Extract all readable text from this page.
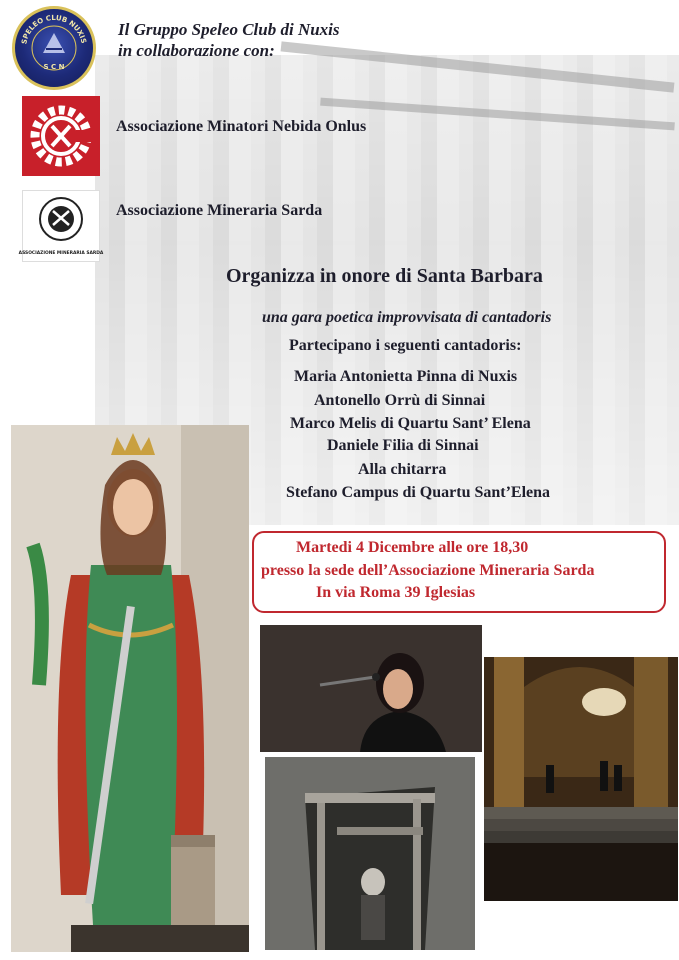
SPELEO CLUB NUXIS
S C N
Il Gruppo Speleo Club di Nuxis
in collaborazione con:
Associazione Minatori Nebida Onlus
ASSOCIAZIONE MINERARIA SARDA
Associazione Mineraria Sarda
Organizza in onore di Santa Barbara
una gara poetica improvvisata di cantadoris
Partecipano i seguenti cantadoris:
Maria Antonietta Pinna di Nuxis
Antonello Orrù di Sinnai
Marco Melis di Quartu Sant’ Elena
Daniele Filia di Sinnai
Alla chitarra
Stefano Campus di Quartu Sant’Elena
Martedi 4 Dicembre alle ore 18,30
presso la sede dell’Associazione Mineraria Sarda
In via Roma 39 Iglesias
